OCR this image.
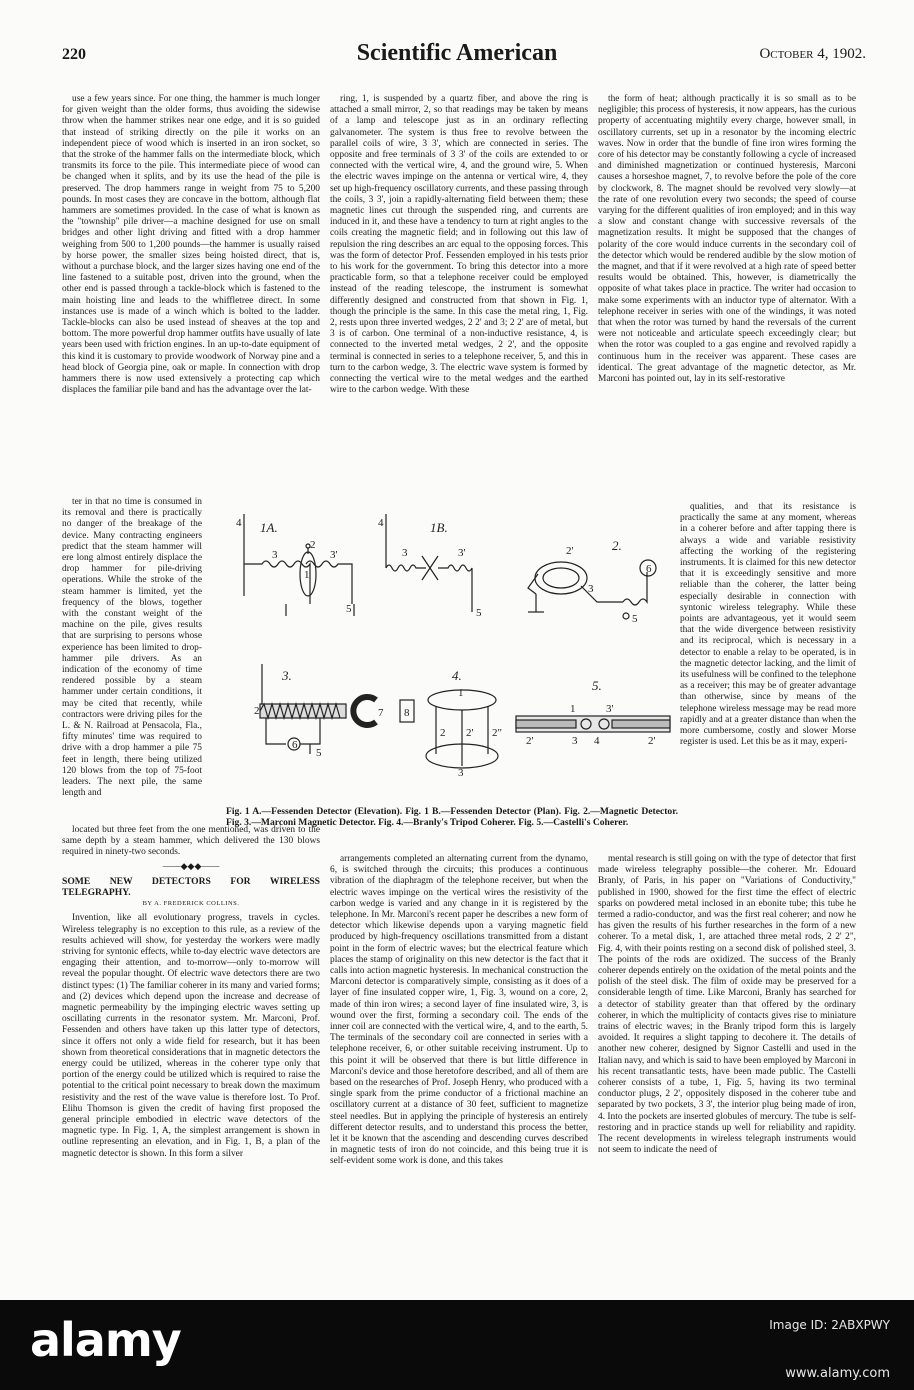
220	Scientific American	October 4, 1902.

use a few years since. For one thing, the hammer is much longer for given weight than the older forms, thus avoiding the sidewise throw when the hammer strikes near one edge, and it is so guided that instead of striking directly on the pile it works on an independent piece of wood which is inserted in an iron socket, so that the stroke of the hammer falls on the intermediate block, which transmits its force to the pile. This intermediate piece of wood can be changed when it splits, and by its use the head of the pile is preserved. The drop hammers range in weight from 75 to 5,200 pounds. In most cases they are concave in the bottom, although flat hammers are sometimes provided. In the case of what is known as the "township" pile driver—a machine designed for use on small bridges and other light driving and fitted with a drop hammer weighing from 500 to 1,200 pounds—the hammer is usually raised by horse power, the smaller sizes being hoisted direct, that is, without a purchase block, and the larger sizes having one end of the line fastened to a suitable post, driven into the ground, when the other end is passed through a tackle-block which is fastened to the main hoisting line and leads to the whiffletree direct. In some instances use is made of a winch which is bolted to the ladder. Tackle-blocks can also be used instead of sheaves at the top and bottom. The more powerful drop hammer outfits have usually of late years been used with friction engines. In an up-to-date equipment of this kind it is customary to provide woodwork of Norway pine and a head block of Georgia pine, oak or maple. In connection with drop hammers there is now used extensively a protecting cap which displaces the familiar pile band and has the advantage over the lat-

ter in that no time is consumed in its removal and there is practically no danger of the breakage of the device. Many contracting engineers predict that the steam hammer will ere long almost entirely displace the drop hammer for pile-driving operations. While the stroke of the steam hammer is limited, yet the frequency of the blows, together with the constant weight of the machine on the pile, gives results that are surprising to persons whose experience has been limited to drop-hammer pile drivers. As an indication of the economy of time rendered possible by a steam hammer under certain conditions, it may be cited that recently, while contractors were driving piles for the L. & N. Railroad at Pensacola, Fla., fifty minutes' time was required to drive with a drop hammer a pile 75 feet in length, there being utilized 120 blows from the top of 75-foot leaders. The next pile, the same length and

located but three feet from the one mentioned, was driven to the same depth by a steam hammer, which delivered the 130 blows required in ninety-two seconds.

——◆◆◆——

SOME NEW DETECTORS FOR WIRELESS TELEGRAPHY.

BY A. FREDERICK COLLINS.

Invention, like all evolutionary progress, travels in cycles. Wireless telegraphy is no exception to this rule, as a review of the results achieved will show, for yesterday the workers were madly striving for syntonic effects, while to-day electric wave detectors are engaging their attention, and to-morrow—only to-morrow will reveal the popular thought. Of electric wave detectors there are two distinct types: (1) The familiar coherer in its many and varied forms; and (2) devices which depend upon the increase and decrease of magnetic permeability by the impinging electric waves setting up oscillating currents in the resonator system. Mr. Marconi, Prof. Fessenden and others have taken up this latter type of detectors, since it offers not only a wide field for research, but it has been shown from theoretical considerations that in magnetic detectors the energy could be utilized, whereas in the coherer type only that portion of the energy could be utilized which is required to raise the potential to the critical point necessary to break down the maximum resistivity and the rest of the wave value is therefore lost. To Prof. Elihu Thomson is given the credit of having first proposed the general principle embodied in electric wave detectors of the magnetic type. In Fig. 1, A, the simplest arrangement is shown in outline representing an elevation, and in Fig. 1, B, a plan of the magnetic detector is shown. In this form a silver

ring, 1, is suspended by a quartz fiber, and above the ring is attached a small mirror, 2, so that readings may be taken by means of a lamp and telescope just as in an ordinary reflecting galvanometer. The system is thus free to revolve between the parallel coils of wire, 3 3', which are connected in series. The opposite and free terminals of 3 3' of the coils are extended to or connected with the vertical wire, 4, and the ground wire, 5. When the electric waves impinge on the antenna or vertical wire, 4, they set up high-frequency oscillatory currents, and these passing through the coils, 3 3', join a rapidly-alternating field between them; these magnetic lines cut through the suspended ring, and currents are induced in it, and these have a tendency to turn at right angles to the coils creating the magnetic field; and in following out this law of repulsion the ring describes an arc equal to the opposing forces. This was the form of detector Prof. Fessenden employed in his tests prior to his work for the government. To bring this detector into a more practicable form, so that a telephone receiver could be employed instead of the reading telescope, the instrument is somewhat differently designed and constructed from that shown in Fig. 1, though the principle is the same. In this case the metal ring, 1, Fig. 2, rests upon three inverted wedges, 2 2' and 3; 2 2' are of metal, but 3 is of carbon. One terminal of a non-inductive resistance, 4, is connected to the inverted metal wedges, 2 2', and the opposite terminal is connected in series to a telephone receiver, 5, and this in turn to the carbon wedge, 3. The electric wave system is formed by connecting the vertical wire to the metal wedges and the earthed wire to the carbon wedge. With these

arrangements completed an alternating current from the dynamo, 6, is switched through the circuits; this produces a continuous vibration of the diaphragm of the telephone receiver, but when the electric waves impinge on the vertical wires the resistivity of the carbon wedge is varied and any change in it is registered by the telephone. In Mr. Marconi's recent paper he describes a new form of detector which likewise depends upon a varying magnetic field produced by high-frequency oscillations transmitted from a distant point in the form of electric waves; but the electrical feature which places the stamp of originality on this new detector is the fact that it calls into action magnetic hysteresis. In mechanical construction the Marconi detector is comparatively simple, consisting as it does of a layer of fine insulated copper wire, 1, Fig. 3, wound on a core, 2, made of thin iron wires; a second layer of fine insulated wire, 3, is wound over the first, forming a secondary coil. The ends of the inner coil are connected with the vertical wire, 4, and to the earth, 5. The terminals of the secondary coil are connected in series with a telephone receiver, 6, or other suitable receiving instrument. Up to this point it will be observed that there is but little difference in Marconi's device and those heretofore described, and all of them are based on the researches of Prof. Joseph Henry, who produced with a single spark from the prime conductor of a frictional machine an oscillatory current at a distance of 30 feet, sufficient to magnetize steel needles. But in applying the principle of hysteresis an entirely different detector results, and to understand this process the better, let it be known that the ascending and descending curves described in magnetic tests of iron do not coincide, and this being true it is self-evident some work is done, and this takes

the form of heat; although practically it is so small as to be negligible; this process of hysteresis, it now appears, has the curious property of accentuating mightily every charge, however small, in oscillatory currents, set up in a resonator by the incoming electric waves. Now in order that the bundle of fine iron wires forming the core of his detector may be constantly following a cycle of increased and diminished magnetization or continued hysteresis, Marconi causes a horseshoe magnet, 7, to revolve before the pole of the core by clockwork, 8. The magnet should be revolved very slowly—at the rate of one revolution every two seconds; the speed of course varying for the different qualities of iron employed; and in this way a slow and constant change with successive reversals of the magnetization results. It might be supposed that the changes of polarity of the core would induce currents in the secondary coil of the detector which would be rendered audible by the slow motion of the magnet, and that if it were revolved at a high rate of speed better results would be obtained. This, however, is diametrically the opposite of what takes place in practice. The writer had occasion to make some experiments with an inductor type of alternator. With a telephone receiver in series with one of the windings, it was noted that when the rotor was turned by hand the reversals of the current were not noticeable and articulate speech exceedingly clear; but when the rotor was coupled to a gas engine and revolved rapidly a continuous hum in the receiver was apparent. These cases are identical. The great advantage of the magnetic detector, as Mr. Marconi has pointed out, lay in its self-restorative

qualities, and that its resistance is practically the same at any moment, whereas in a coherer before and after tapping there is always a wide and variable resistivity affecting the working of the registering instruments. It is claimed for this new detector that it is exceedingly sensitive and more reliable than the coherer, the latter being especially desirable in connection with syntonic wireless telegraphy. While these points are advantageous, yet it would seem that the wide divergence between resistivity and its reciprocal, which is necessary in a detector to enable a relay to be operated, is in the magnetic detector lacking, and the limit of its usefulness will be confined to the telephone as a receiver; this may be of greater advantage than otherwise, since by means of the telephone wireless message may be read more rapidly and at a greater distance than when the more cumbersome, costly and slower Morse register is used. Let this be as it may, experi-

mental research is still going on with the type of detector that first made wireless telegraphy possible—the coherer. Mr. Edouard Branly, of Paris, in his paper on "Variations of Conductivity," published in 1900, showed for the first time the effect of electric sparks on powdered metal inclosed in an ebonite tube; this tube he termed a radio-conductor, and was the first real coherer; and now he has given the results of his further researches in the form of a new coherer. To a metal disk, 1, are attached three metal rods, 2 2' 2", Fig. 4, with their points resting on a second disk of polished steel, 3. The points of the rods are oxidized. The success of the Branly coherer depends entirely on the oxidation of the metal points and the polish of the steel disk. The film of oxide may be preserved for a considerable length of time. Like Marconi, Branly has searched for a detector of stability greater than that offered by the ordinary coherer, in which the multiplicity of contacts gives rise to miniature trains of electric waves; in the Branly tripod form this is largely avoided. It requires a slight tapping to decohere it. The details of another new coherer, designed by Signor Castelli and used in the Italian navy, and which is said to have been employed by Marconi in his recent transatlantic tests, have been made public. The Castelli coherer consists of a tube, 1, Fig. 5, having its two terminal conductor plugs, 2 2', oppositely disposed in the coherer tube and separated by two pockets, 3 3', the interior plug being made of iron, 4. Into the pockets are inserted globules of mercury. The tube is self-restoring and in practice stands up well for reliability and rapidity. The recent developments in wireless telegraph instruments would not seem to indicate the need of

1A.
4
3
2
3'
1
5
1B.
4
3	3'
5
2.
6
5
3
2'
3.
2	7 8
6
5
4.
1
2 2' 2"
3
5.
1	3'
2'	3 4	2'
Fig. 1 A.—Fessenden Detector (Elevation). Fig. 1 B.—Fessenden Detector (Plan). Fig. 2.—Magnetic Detector. Fig. 3.—Marconi Magnetic Detector. Fig. 4.—Branly's Tripod Coherer. Fig. 5.—Castelli's Coherer.
alamy	Image ID: 2ABXPWY
www.alamy.com
